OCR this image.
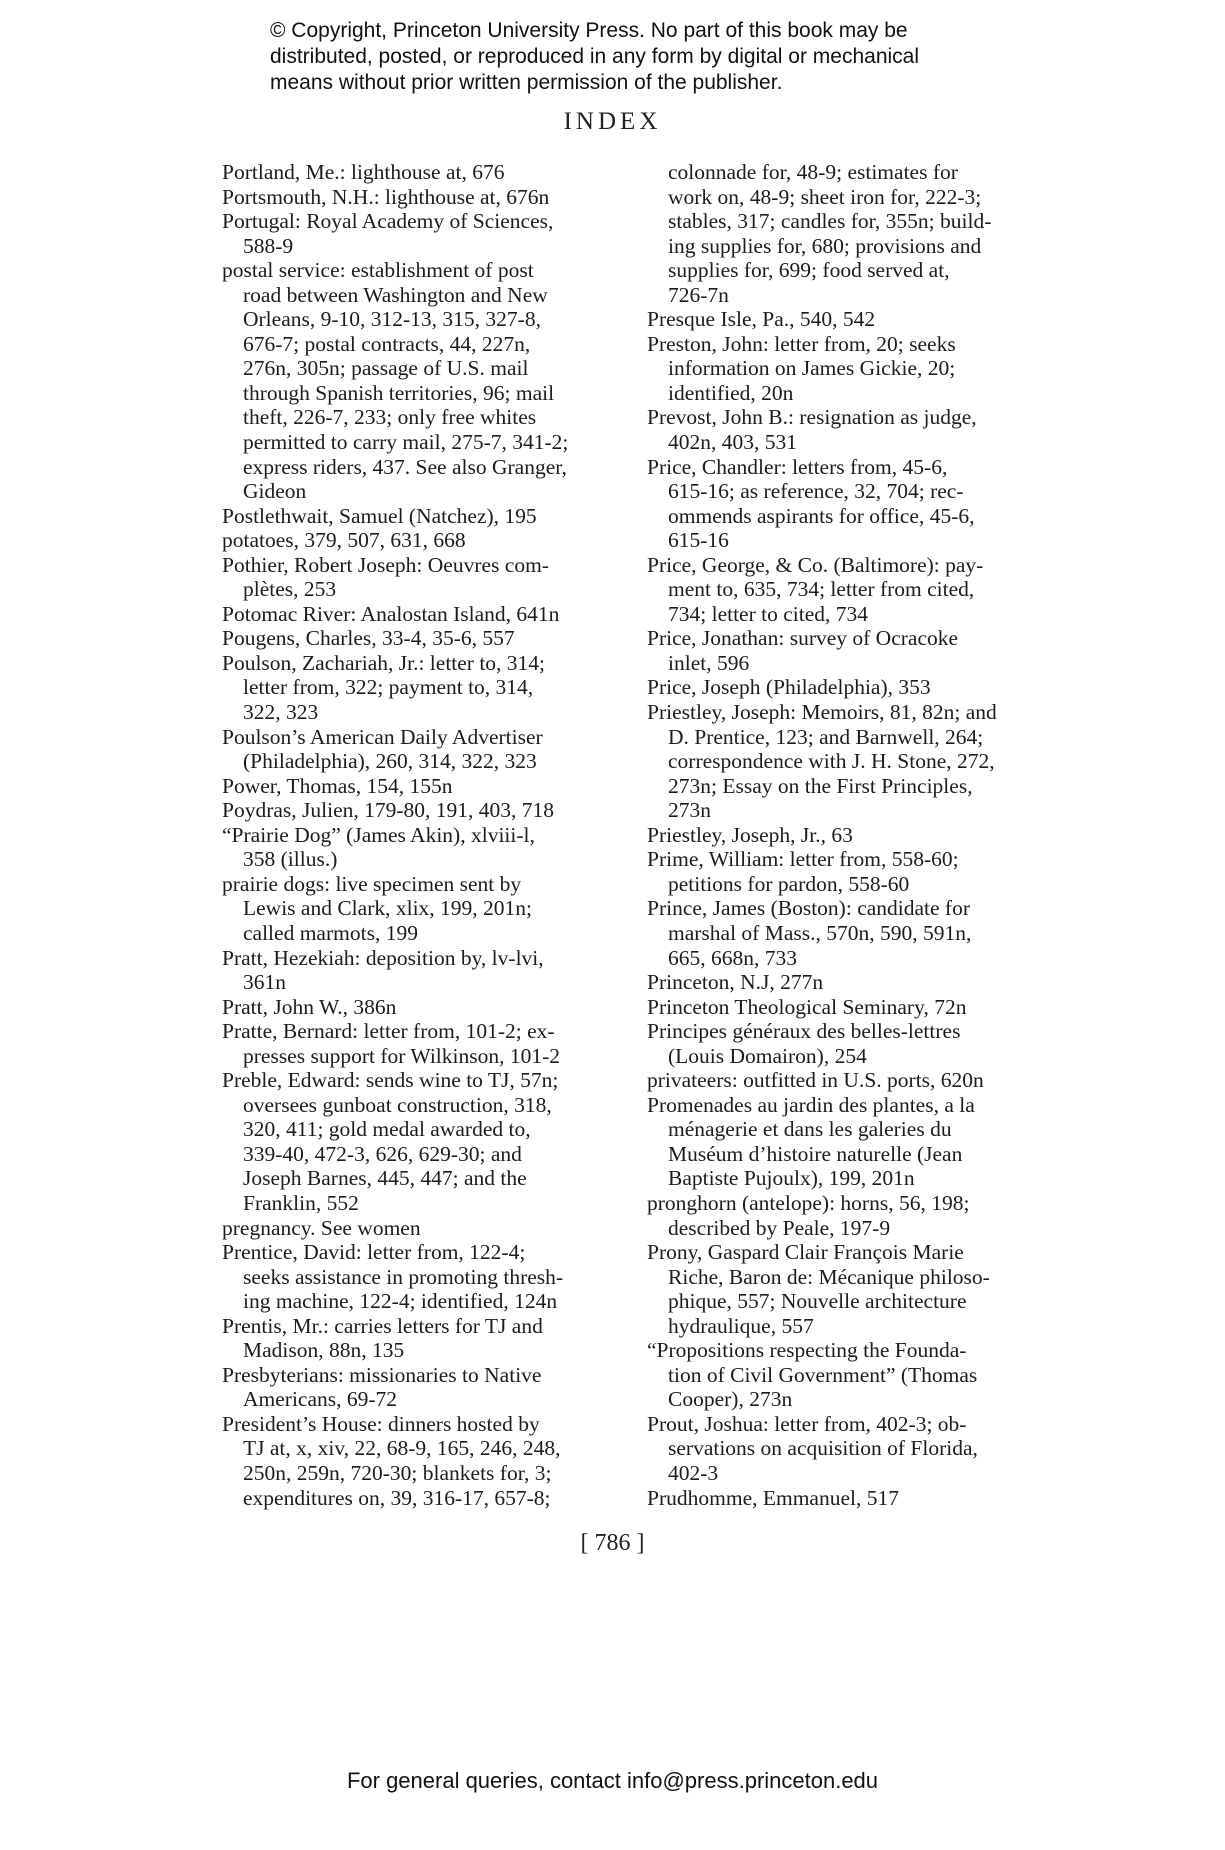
© Copyright, Princeton University Press. No part of this book may be
distributed, posted, or reproduced in any form by digital or mechanical
means without prior written permission of the publisher.
INDEX
Portland, Me.: lighthouse at, 676
Portsmouth, N.H.: lighthouse at, 676n
Portugal: Royal Academy of Sciences,
588-9
postal service: establishment of post
road between Washington and New
Orleans, 9-10, 312-13, 315, 327-8,
676-7; postal contracts, 44, 227n,
276n, 305n; passage of U.S. mail
through Spanish territories, 96; mail
theft, 226-7, 233; only free whites
permitted to carry mail, 275-7, 341-2;
express riders, 437. See also Granger,
Gideon
Postlethwait, Samuel (Natchez), 195
potatoes, 379, 507, 631, 668
Pothier, Robert Joseph: Oeuvres com-
plètes, 253
Potomac River: Analostan Island, 641n
Pougens, Charles, 33-4, 35-6, 557
Poulson, Zachariah, Jr.: letter to, 314;
letter from, 322; payment to, 314,
322, 323
Poulson’s American Daily Advertiser
(Philadelphia), 260, 314, 322, 323
Power, Thomas, 154, 155n
Poydras, Julien, 179-80, 191, 403, 718
“Prairie Dog” (James Akin), xlviii-l,
358 (illus.)
prairie dogs: live specimen sent by
Lewis and Clark, xlix, 199, 201n;
called marmots, 199
Pratt, Hezekiah: deposition by, lv-lvi,
361n
Pratt, John W., 386n
Pratte, Bernard: letter from, 101-2; ex-
presses support for Wilkinson, 101-2
Preble, Edward: sends wine to TJ, 57n;
oversees gunboat construction, 318,
320, 411; gold medal awarded to,
339-40, 472-3, 626, 629-30; and
Joseph Barnes, 445, 447; and the
Franklin, 552
pregnancy. See women
Prentice, David: letter from, 122-4;
seeks assistance in promoting thresh-
ing machine, 122-4; identified, 124n
Prentis, Mr.: carries letters for TJ and
Madison, 88n, 135
Presbyterians: missionaries to Native
Americans, 69-72
President’s House: dinners hosted by
TJ at, x, xiv, 22, 68-9, 165, 246, 248,
250n, 259n, 720-30; blankets for, 3;
expenditures on, 39, 316-17, 657-8;
colonnade for, 48-9; estimates for
work on, 48-9; sheet iron for, 222-3;
stables, 317; candles for, 355n; build-
ing supplies for, 680; provisions and
supplies for, 699; food served at,
726-7n
Presque Isle, Pa., 540, 542
Preston, John: letter from, 20; seeks
information on James Gickie, 20;
identified, 20n
Prevost, John B.: resignation as judge,
402n, 403, 531
Price, Chandler: letters from, 45-6,
615-16; as reference, 32, 704; rec-
ommends aspirants for office, 45-6,
615-16
Price, George, & Co. (Baltimore): pay-
ment to, 635, 734; letter from cited,
734; letter to cited, 734
Price, Jonathan: survey of Ocracoke
inlet, 596
Price, Joseph (Philadelphia), 353
Priestley, Joseph: Memoirs, 81, 82n; and
D. Prentice, 123; and Barnwell, 264;
correspondence with J. H. Stone, 272,
273n; Essay on the First Principles,
273n
Priestley, Joseph, Jr., 63
Prime, William: letter from, 558-60;
petitions for pardon, 558-60
Prince, James (Boston): candidate for
marshal of Mass., 570n, 590, 591n,
665, 668n, 733
Princeton, N.J, 277n
Princeton Theological Seminary, 72n
Principes généraux des belles-lettres
(Louis Domairon), 254
privateers: outfitted in U.S. ports, 620n
Promenades au jardin des plantes, a la
ménagerie et dans les galeries du
Muséum d’histoire naturelle (Jean
Baptiste Pujoulx), 199, 201n
pronghorn (antelope): horns, 56, 198;
described by Peale, 197-9
Prony, Gaspard Clair François Marie
Riche, Baron de: Mécanique philoso-
phique, 557; Nouvelle architecture
hydraulique, 557
“Propositions respecting the Founda-
tion of Civil Government” (Thomas
Cooper), 273n
Prout, Joshua: letter from, 402-3; ob-
servations on acquisition of Florida,
402-3
Prudhomme, Emmanuel, 517
[ 786 ]
For general queries, contact info@press.princeton.edu
